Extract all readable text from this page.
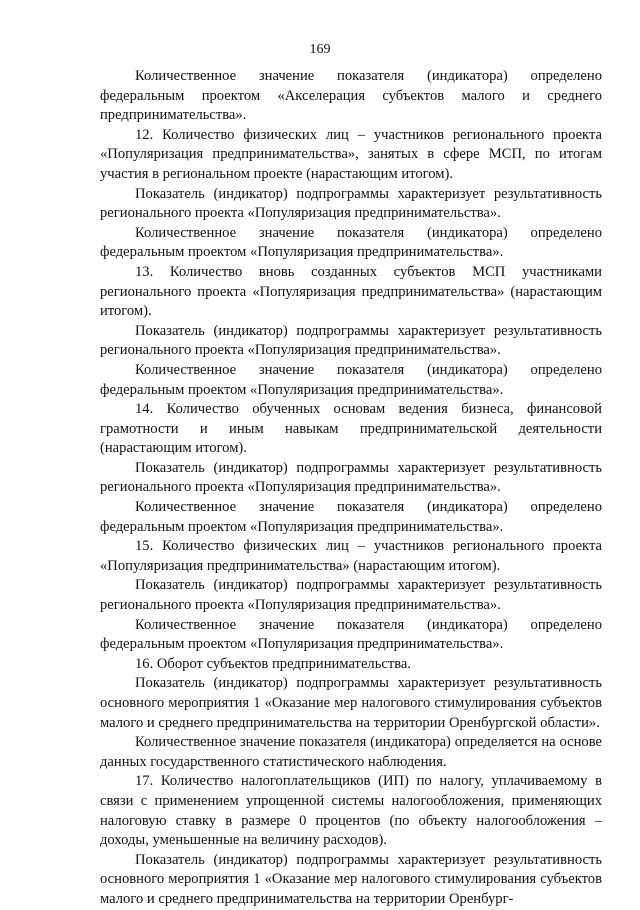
169

Количественное значение показателя (индикатора) определено федеральным проектом «Акселерация субъектов малого и среднего предпринимательства».

12. Количество физических лиц – участников регионального проекта «Популяризация предпринимательства», занятых в сфере МСП, по итогам участия в региональном проекте (нарастающим итогом).

Показатель (индикатор) подпрограммы характеризует результативность регионального проекта «Популяризация предпринимательства».

Количественное значение показателя (индикатора) определено федеральным проектом «Популяризация предпринимательства».

13. Количество вновь созданных субъектов МСП участниками регионального проекта «Популяризация предпринимательства» (нарастающим итогом).

Показатель (индикатор) подпрограммы характеризует результативность регионального проекта «Популяризация предпринимательства».

Количественное значение показателя (индикатора) определено федеральным проектом «Популяризация предпринимательства».

14. Количество обученных основам ведения бизнеса, финансовой грамотности и иным навыкам предпринимательской деятельности (нарастающим итогом).

Показатель (индикатор) подпрограммы характеризует результативность регионального проекта «Популяризация предпринимательства».

Количественное значение показателя (индикатора) определено федеральным проектом «Популяризация предпринимательства».

15. Количество физических лиц – участников регионального проекта «Популяризация предпринимательства» (нарастающим итогом).

Показатель (индикатор) подпрограммы характеризует результативность регионального проекта «Популяризация предпринимательства».

Количественное значение показателя (индикатора) определено федеральным проектом «Популяризация предпринимательства».

16. Оборот субъектов предпринимательства.

Показатель (индикатор) подпрограммы характеризует результативность основного мероприятия 1 «Оказание мер налогового стимулирования субъектов малого и среднего предпринимательства на территории Оренбургской области».

Количественное значение показателя (индикатора) определяется на основе данных государственного статистического наблюдения.

17. Количество налогоплательщиков (ИП) по налогу, уплачиваемому в связи с применением упрощенной системы налогообложения, применяющих налоговую ставку в размере 0 процентов (по объекту налогообложения – доходы, уменьшенные на величину расходов).

Показатель (индикатор) подпрограммы характеризует результативность основного мероприятия 1 «Оказание мер налогового стимулирования субъектов малого и среднего предпринимательства на территории Оренбург-
